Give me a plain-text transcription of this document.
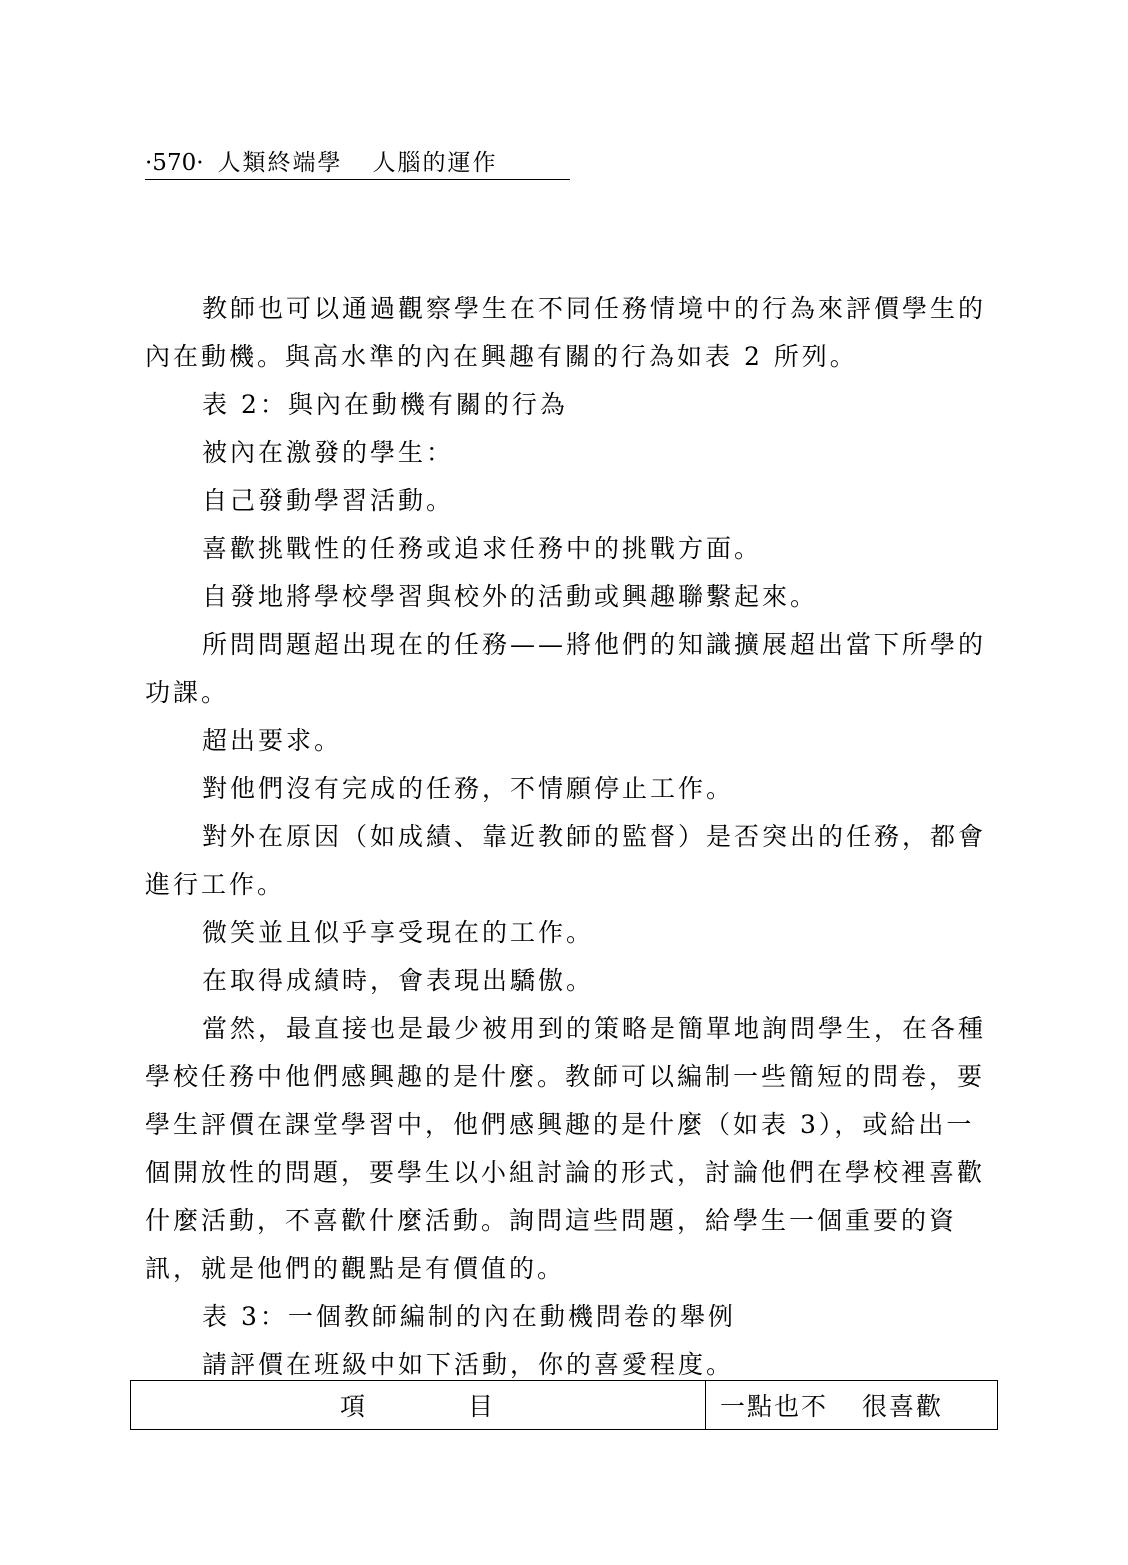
·570· 人類終端學 人腦的運作

教師也可以通過觀察學生在不同任務情境中的行為來評價學生的內在動機。與高水準的內在興趣有關的行為如表 2 所列。

表 2：與內在動機有關的行為

被內在激發的學生：

自己發動學習活動。

喜歡挑戰性的任務或追求任務中的挑戰方面。

自發地將學校學習與校外的活動或興趣聯繫起來。

所問問題超出現在的任務——將他們的知識擴展超出當下所學的功課。

超出要求。

對他們沒有完成的任務，不情願停止工作。

對外在原因（如成績、靠近教師的監督）是否突出的任務，都會進行工作。

微笑並且似乎享受現在的工作。

在取得成績時，會表現出驕傲。

當然，最直接也是最少被用到的策略是簡單地詢問學生，在各種學校任務中他們感興趣的是什麼。教師可以編制一些簡短的問卷，要學生評價在課堂學習中，他們感興趣的是什麼（如表 3），或給出一個開放性的問題，要學生以小組討論的形式，討論他們在學校裡喜歡什麼活動，不喜歡什麼活動。詢問這些問題，給學生一個重要的資訊，就是他們的觀點是有價值的。

表 3：一個教師編制的內在動機問卷的舉例

請評價在班級中如下活動，你的喜愛程度。

項	目	一點也不 很喜歡
